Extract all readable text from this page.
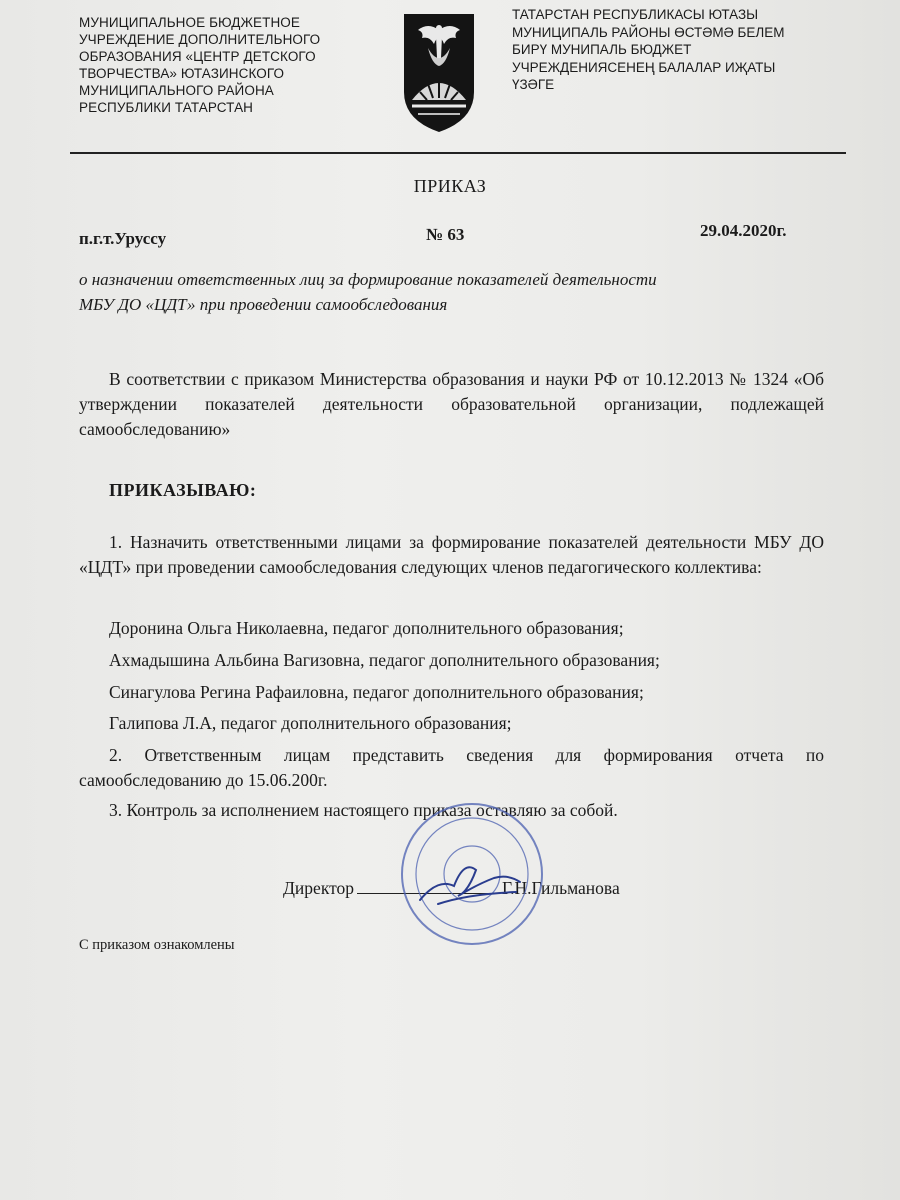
МУНИЦИПАЛЬНОЕ БЮДЖЕТНОЕ
УЧРЕЖДЕНИЕ ДОПОЛНИТЕЛЬНОГО
ОБРАЗОВАНИЯ «ЦЕНТР ДЕТСКОГО
ТВОРЧЕСТВА» ЮТАЗИНСКОГО
МУНИЦИПАЛЬНОГО РАЙОНА
РЕСПУБЛИКИ ТАТАРСТАН
ТАТАРСТАН РЕСПУБЛИКАСЫ ЮТАЗЫ
МУНИЦИПАЛЬ РАЙОНЫ ӨСТӘМӘ БЕЛЕМ
БИРҮ МУНИПАЛЬ БЮДЖЕТ
УЧРЕЖДЕНИЯСЕНЕҢ БАЛАЛАР ИҖАТЫ
ҮЗӘГЕ
ПРИКАЗ
п.г.т.Уруссу	№ 63	29.04.2020г.
о назначении ответственных лиц за формирование показателей деятельности
МБУ ДО «ЦДТ» при проведении самообследования
В соответствии с приказом Министерства образования и науки РФ от 10.12.2013 № 1324 «Об утверждении показателей деятельности образовательной организации, подлежащей самообследованию»
ПРИКАЗЫВАЮ:
1. Назначить ответственными лицами за формирование показателей деятельности МБУ ДО «ЦДТ» при проведении самообследования следующих членов педагогического коллектива:
Доронина Ольга Николаевна, педагог дополнительного образования;
Ахмадышина Альбина Вагизовна, педагог дополнительного образования;
Синагулова Регина Рафаиловна, педагог дополнительного образования;
Галипова Л.А, педагог дополнительного образования;
2. Ответственным лицам представить сведения для формирования отчета по самообследованию до 15.06.200г.
3. Контроль за исполнением настоящего приказа оставляю за собой.
Директор	Г.Н.Гильманова
С приказом ознакомлены
